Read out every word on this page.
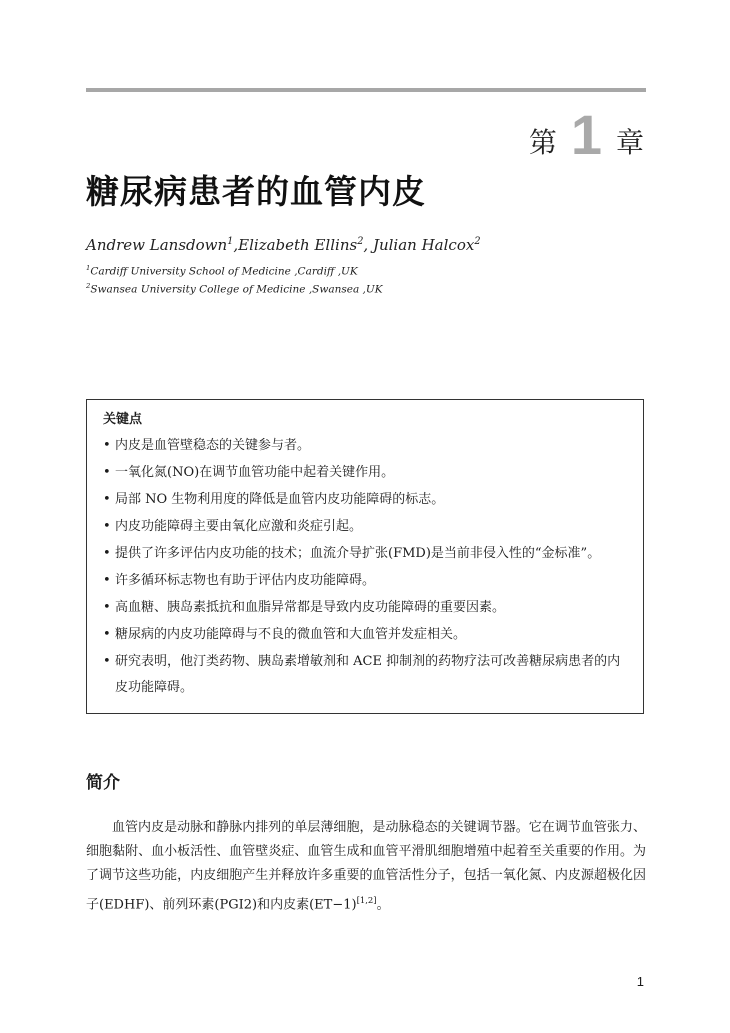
第 1 章
糖尿病患者的血管内皮
Andrew Lansdown$^1$,Elizabeth Ellins$^2$, Julian Halcox$^2$
$^1$Cardiff University School of Medicine ,Cardiff ,UK
$^2$Swansea University College of Medicine ,Swansea ,UK
关键点
• 内皮是血管壁稳态的关键参与者。
• 一氧化氮(NO)在调节血管功能中起着关键作用。
• 局部 NO 生物利用度的降低是血管内皮功能障碍的标志。
• 内皮功能障碍主要由氧化应激和炎症引起。
• 提供了许多评估内皮功能的技术；血流介导扩张(FMD)是当前非侵入性的“金标准”。
• 许多循环标志物也有助于评估内皮功能障碍。
• 高血糖、胰岛素抵抗和血脂异常都是导致内皮功能障碍的重要因素。
• 糖尿病的内皮功能障碍与不良的微血管和大血管并发症相关。
• 研究表明，他汀类药物、胰岛素增敏剂和 ACE 抑制剂的药物疗法可改善糖尿病患者的内皮功能障碍。
简介

血管内皮是动脉和静脉内排列的单层薄细胞，是动脉稳态的关键调节器。它在调节血管张力、细胞黏附、血小板活性、血管壁炎症、血管生成和血管平滑肌细胞增殖中起着至关重要的作用。为了调节这些功能，内皮细胞产生并释放许多重要的血管活性分子，包括一氧化氮、内皮源超极化因子(EDHF)、前列环素(PGI2)和内皮素(ET−1)[1,2]。

1
